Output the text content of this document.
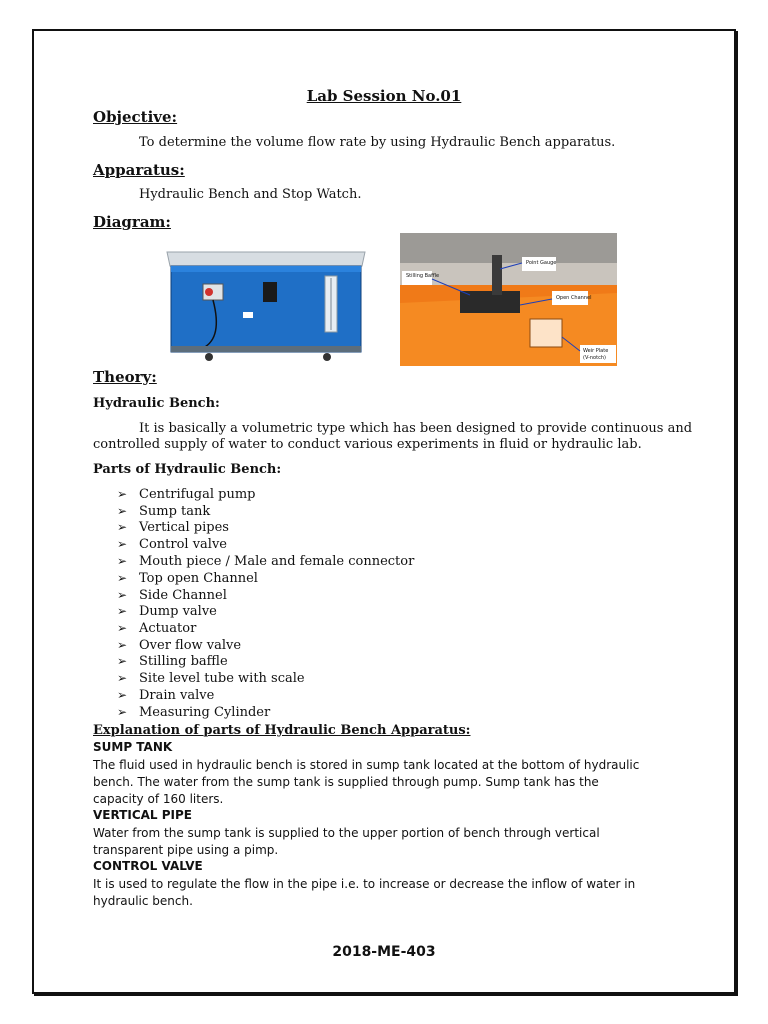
Lab Session No.01
Objective:
To determine the volume flow rate by using Hydraulic Bench apparatus.
Apparatus:
Hydraulic Bench and Stop Watch.
Diagram:
Stilling Baffle
Point Gauge
Open Channel
Weir Plate
(V-notch)
Theory:
Hydraulic Bench:
It is basically a volumetric type which has been designed to provide continuous and
controlled supply of water to conduct various experiments in fluid or hydraulic lab.
Parts of Hydraulic Bench:
➢ Centrifugal pump
➢ Sump tank
➢ Vertical pipes
➢ Control valve
➢ Mouth piece / Male and female connector
➢ Top open Channel
➢ Side Channel
➢ Dump valve
➢ Actuator
➢ Over flow valve
➢ Stilling baffle
➢ Site level tube with scale
➢ Drain valve
➢ Measuring Cylinder
Explanation of parts of Hydraulic Bench Apparatus:
SUMP TANK
The fluid used in hydraulic bench is stored in sump tank located at the bottom of hydraulic bench. The water from the sump tank is supplied through pump. Sump tank has the capacity of 160 liters.
VERTICAL PIPE
Water from the sump tank is supplied to the upper portion of bench through vertical transparent pipe using a pimp.
CONTROL VALVE
It is used to regulate the flow in the pipe i.e. to increase or decrease the inflow of water in hydraulic bench.
2018-ME-403
